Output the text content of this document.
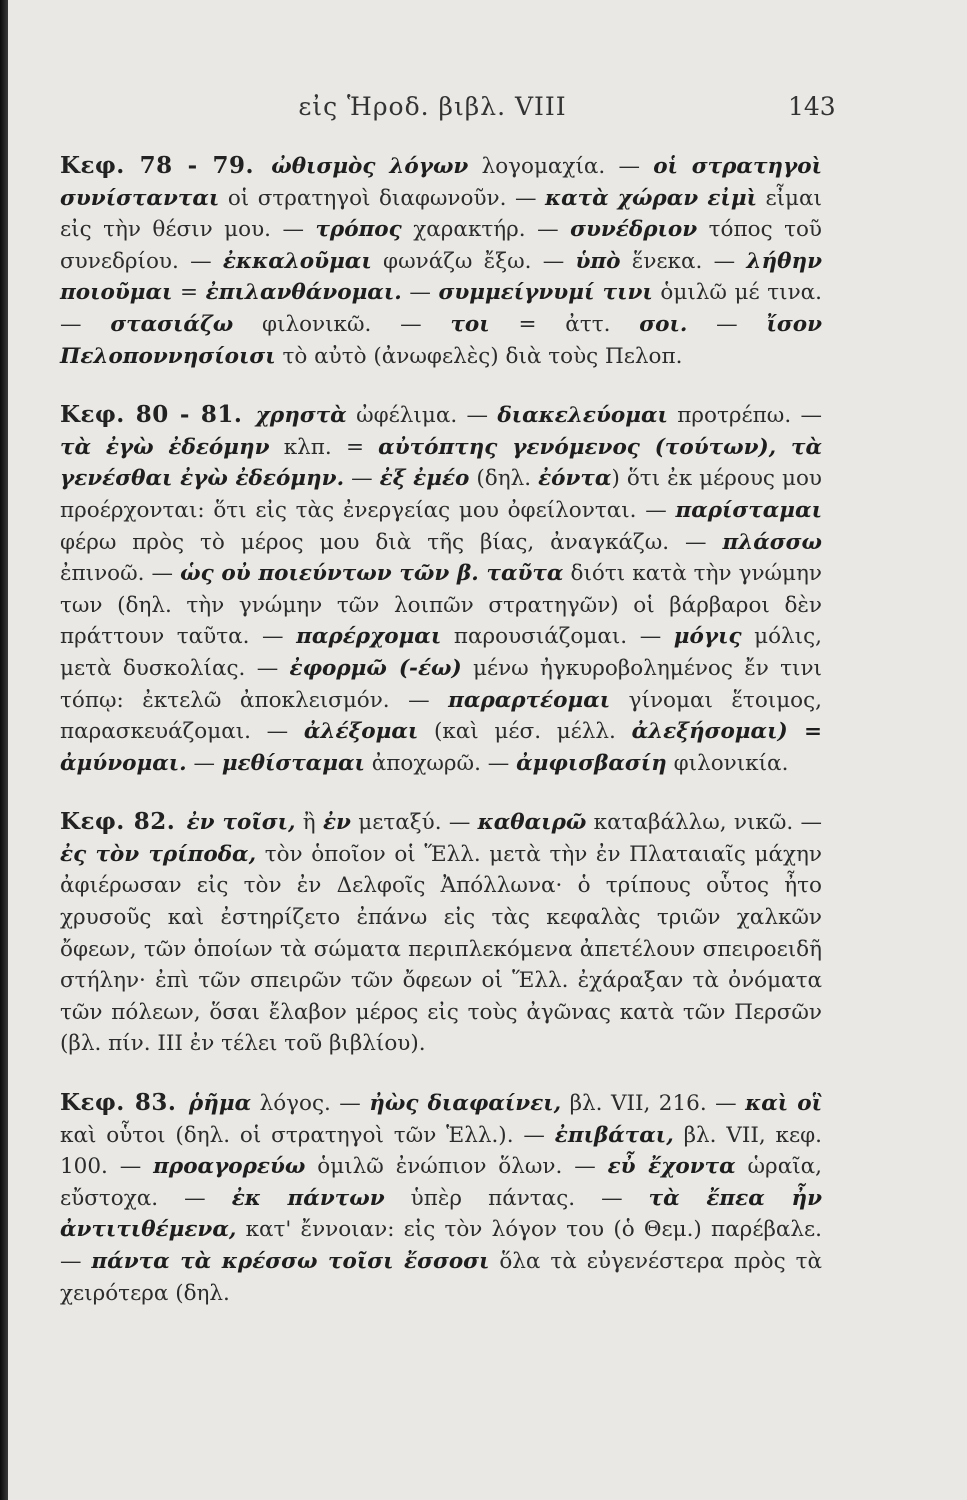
εἰς Ἡροδ. βιβλ. VIII	143

Κεφ. 78 - 79. ὠθισμὸς λόγων λογομαχία. — οἱ στρατηγοὶ συνίστανται οἱ στρατηγοὶ διαφωνοῦν. — κατὰ χώραν εἰμὶ εἶμαι εἰς τὴν θέσιν μου. — τρόπος χαρακτήρ. — συνέδριον τόπος τοῦ συνεδρίου. — ἐκκαλοῦμαι φωνάζω ἔξω. — ὑπὸ ἕνεκα. — λήθην ποιοῦμαι = ἐπιλανθάνομαι. — συμμείγνυμί τινι ὁμιλῶ μέ τινα. — στασιάζω φιλονικῶ. — τοι = ἀττ. σοι. — ἴσον Πελοποννησίοισι τὸ αὐτὸ (ἀνωφελὲς) διὰ τοὺς Πελοπ.

Κεφ. 80 - 81. χρηστὰ ὠφέλιμα. — διακελεύομαι προτρέπω. — τὰ ἐγὼ ἐδεόμην κλπ. = αὐτόπτης γενόμενος (τούτων), τὰ γενέσθαι ἐγὼ ἐδεόμην. — ἐξ ἐμέο (δηλ. ἐόντα) ὅτι ἐκ μέρους μου προέρχονται: ὅτι εἰς τὰς ἐνεργείας μου ὀφείλονται. — παρίσταμαι φέρω πρὸς τὸ μέρος μου διὰ τῆς βίας, ἀναγκάζω. — πλάσσω ἐπινοῶ. — ὡς οὐ ποιεύντων τῶν β. ταῦτα διότι κατὰ τὴν γνώμην των (δηλ. τὴν γνώμην τῶν λοιπῶν στρατηγῶν) οἱ βάρβαροι δὲν πράττουν ταῦτα. — παρέρχομαι παρουσιάζομαι. — μόγις μόλις, μετὰ δυσκολίας. — ἐφορμῶ (-έω) μένω ἠγκυροβολημένος ἔν τινι τόπῳ: ἐκτελῶ ἀποκλεισμόν. — παραρτέομαι γίνομαι ἕτοιμος, παρασκευάζομαι. — ἀλέξομαι (καὶ μέσ. μέλλ. ἀλεξήσομαι) = ἀμύνομαι. — μεθίσταμαι ἀποχωρῶ. — ἀμφισβασίη φιλονικία.

Κεφ. 82. ἐν τοῖσι, ἢ ἐν μεταξύ. — καθαιρῶ καταβάλλω, νικῶ. — ἐς τὸν τρίποδα, τὸν ὁποῖον οἱ Ἕλλ. μετὰ τὴν ἐν Πλαταιαῖς μάχην ἀφιέρωσαν εἰς τὸν ἐν Δελφοῖς Ἀπόλλωνα· ὁ τρίπους οὗτος ἦτο χρυσοῦς καὶ ἐστηρίζετο ἐπάνω εἰς τὰς κεφαλὰς τριῶν χαλκῶν ὄφεων, τῶν ὁποίων τὰ σώματα περιπλεκόμενα ἀπετέλουν σπειροειδῆ στήλην· ἐπὶ τῶν σπειρῶν τῶν ὄφεων οἱ Ἕλλ. ἐχάραξαν τὰ ὀνόματα τῶν πόλεων, ὅσαι ἔλαβον μέρος εἰς τοὺς ἀγῶνας κατὰ τῶν Περσῶν (βλ. πίν. III ἐν τέλει τοῦ βιβλίου).

Κεφ. 83. ῥῆμα λόγος. — ἠὼς διαφαίνει, βλ. VII, 216. — καὶ οἳ καὶ οὗτοι (δηλ. οἱ στρατηγοὶ τῶν Ἑλλ.). — ἐπιβάται, βλ. VII, κεφ. 100. — προαγορεύω ὁμιλῶ ἐνώπιον ὅλων. — εὖ ἔχοντα ὡραῖα, εὔστοχα. — ἐκ πάντων ὑπὲρ πάντας. — τὰ ἔπεα ἦν ἀντιτιθέμενα, κατ' ἔννοιαν: εἰς τὸν λόγον του (ὁ Θεμ.) παρέβαλε. — πάντα τὰ κρέσσω τοῖσι ἔσσοσι ὅλα τὰ εὐγενέστερα πρὸς τὰ χειρότερα (δηλ.
